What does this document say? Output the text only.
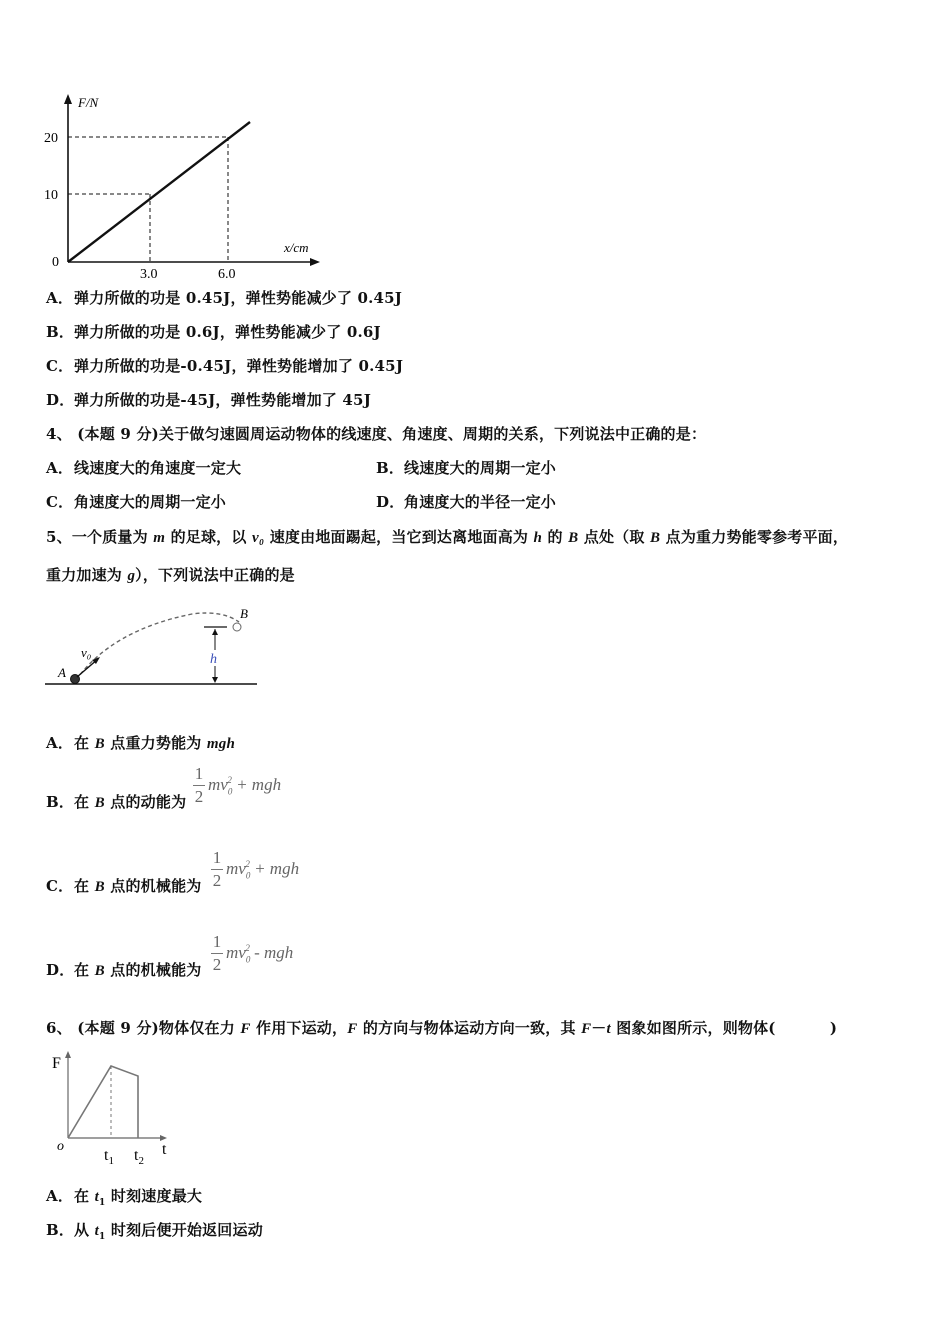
F/N
x/cm
0
20
10
3.0	6.0
A．弹力所做的功是 0.45J，弹性势能减少了 0.45J
B．弹力所做的功是 0.6J，弹性势能减少了 0.6J
C．弹力所做的功是-0.45J，弹性势能增加了 0.45J
D．弹力所做的功是-45J，弹性势能增加了 45J
4、 (本题 9 分)关于做匀速圆周运动物体的线速度、角速度、周期的关系，下列说法中正确的是：
A．线速度大的角速度一定大	B．线速度大的周期一定小
C．角速度大的周期一定小	D．角速度大的半径一定小
5、一个质量为 m 的足球，以 v₀ 速度由地面踢起，当它到达离地面高为 h 的 B 点处（取 B 点为重力势能零参考平面，
重力加速为 g），下列说法中正确的是
v₀
A
B
h
A．在 B 点重力势能为 mgh
B．在 B 点的动能为 $\frac{1}{2} mv_0^2$ + mgh
C．在 B 点的机械能为 $\frac{1}{2} mv_0^2$ + mgh
D．在 B 点的机械能为 $\frac{1}{2} mv_0^2$ - mgh
6、 (本题 9 分)物体仅在力 F 作用下运动，F 的方向与物体运动方向一致，其 F－t 图象如图所示，则物体(	)
F
t
o
$t_1$ $t_2$
A．在 $t_1$ 时刻速度最大
B．从 $t_1$ 时刻后便开始返回运动
